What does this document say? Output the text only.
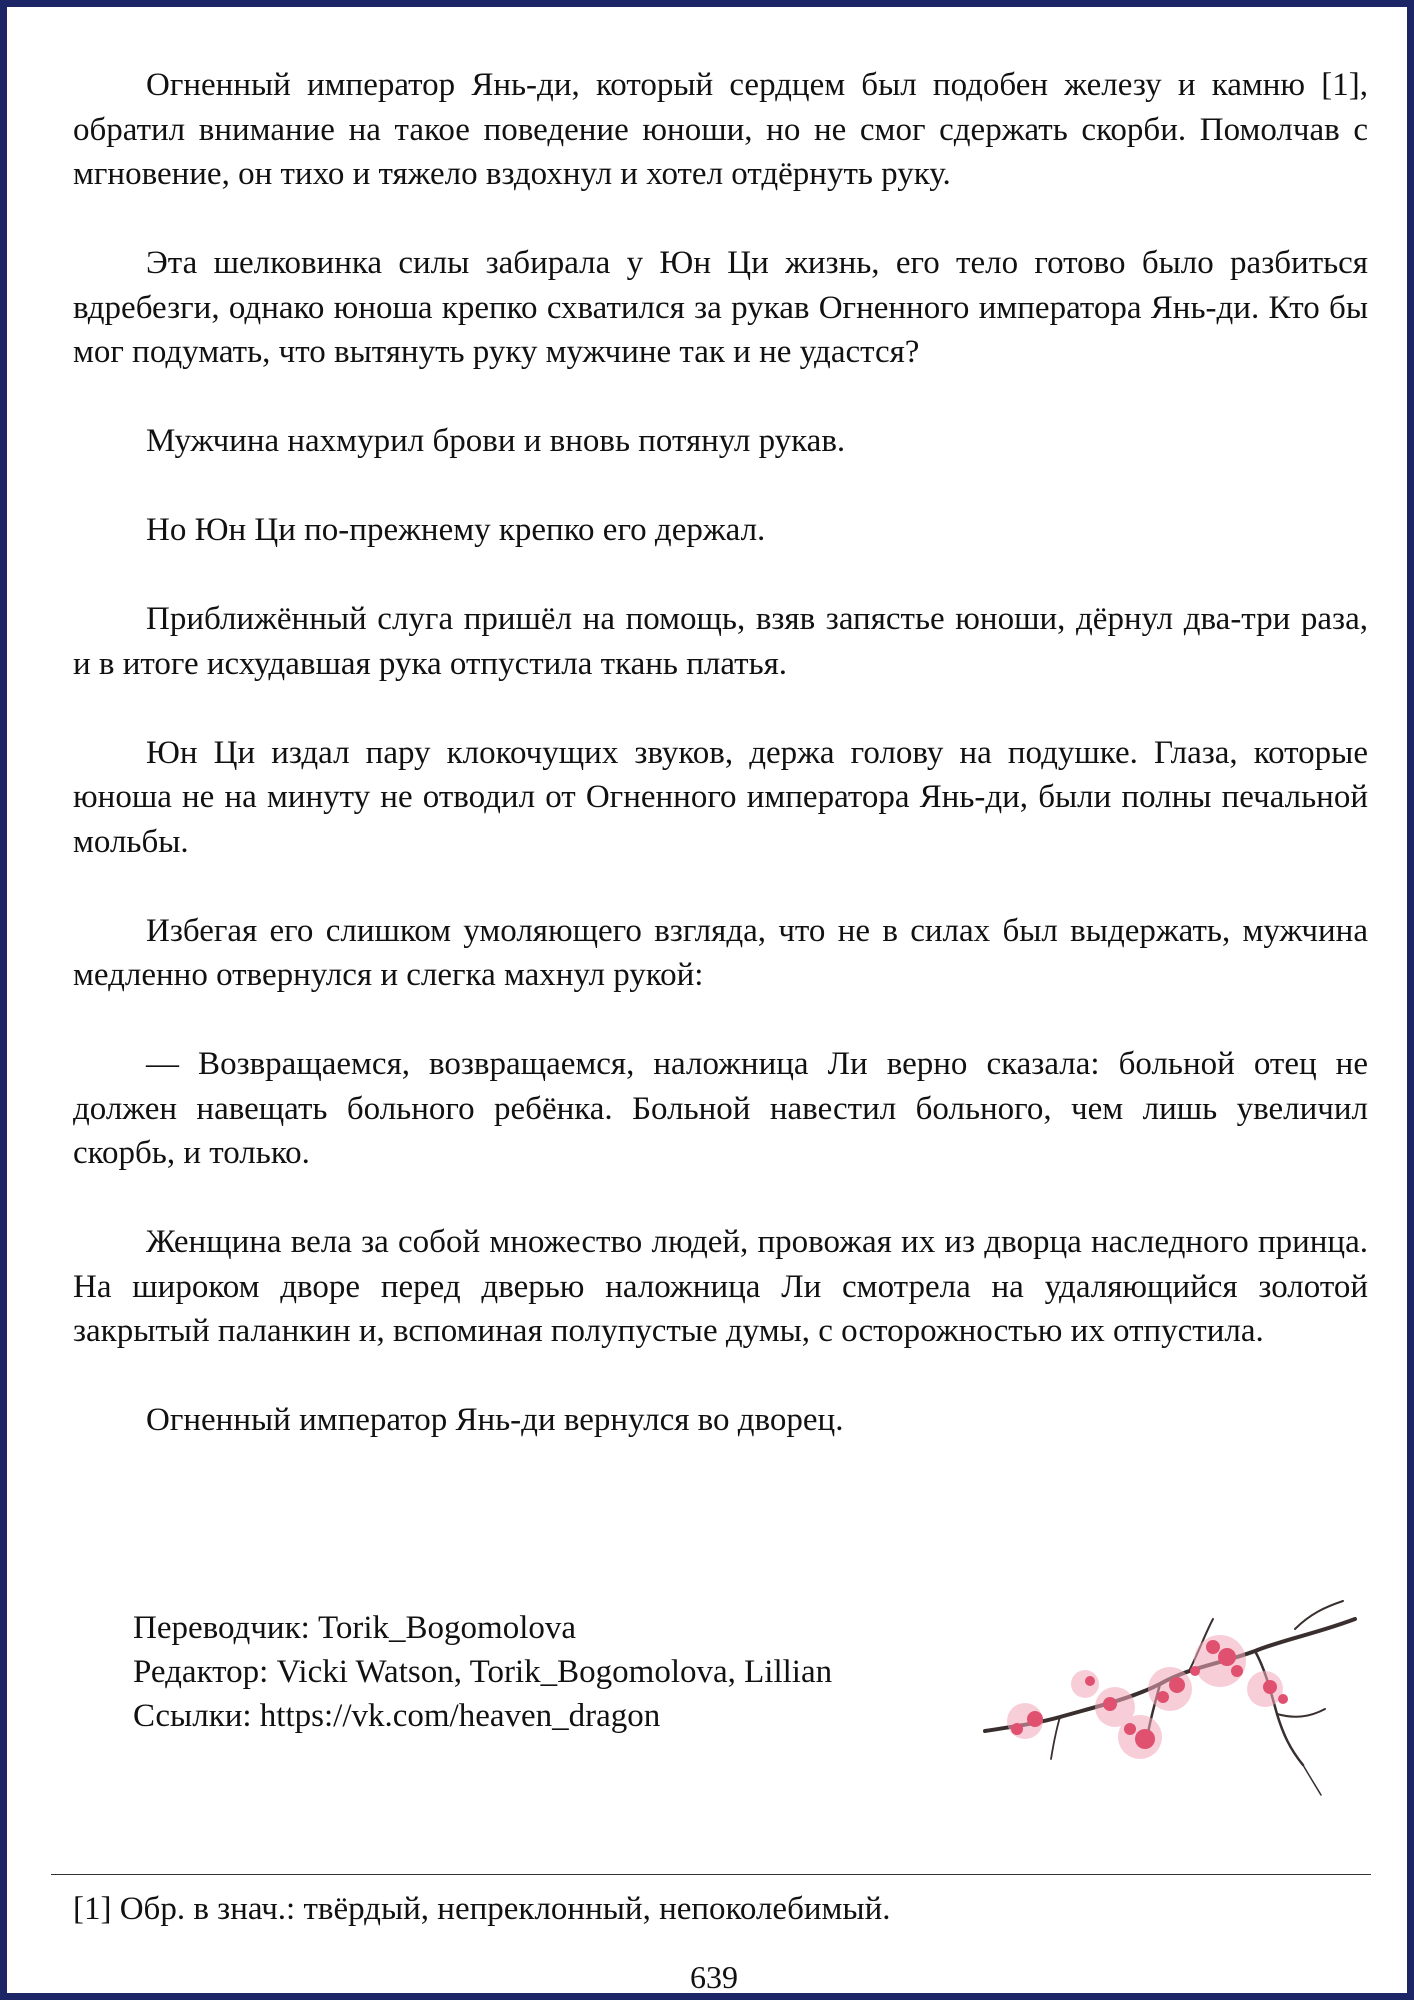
Огненный император Янь-ди, который сердцем был подобен железу и камню [1], обратил внимание на такое поведение юноши, но не смог сдержать скорби. Помолчав с мгновение, он тихо и тяжело вздохнул и хотел отдёрнуть руку.

Эта шелковинка силы забирала у Юн Ци жизнь, его тело готово было разбиться вдребезги, однако юноша крепко схватился за рукав Огненного императора Янь-ди. Кто бы мог подумать, что вытянуть руку мужчине так и не удастся?

Мужчина нахмурил брови и вновь потянул рукав.

Но Юн Ци по-прежнему крепко его держал.

Приближённый слуга пришёл на помощь, взяв запястье юноши, дёрнул два-три раза, и в итоге исхудавшая рука отпустила ткань платья.

Юн Ци издал пару клокочущих звуков, держа голову на подушке. Глаза, которые юноша не на минуту не отводил от Огненного императора Янь-ди, были полны печальной мольбы.

Избегая его слишком умоляющего взгляда, что не в силах был выдержать, мужчина медленно отвернулся и слегка махнул рукой:

— Возвращаемся, возвращаемся, наложница Ли верно сказала: больной отец не должен навещать больного ребёнка. Больной навестил больного, чем лишь увеличил скорбь, и только.

Женщина вела за собой множество людей, провожая их из дворца наследного принца. На широком дворе перед дверью наложница Ли смотрела на удаляющийся золотой закрытый паланкин и, вспоминая полупустые думы, с осторожностью их отпустила.

Огненный император Янь-ди вернулся во дворец.

Переводчик: Torik_Bogomolova
Редактор: Vicki Watson, Torik_Bogomolova, Lillian
Ссылки: https://vk.com/heaven_dragon
[1] Обр. в знач.: твёрдый, непреклонный, непоколебимый.
639
